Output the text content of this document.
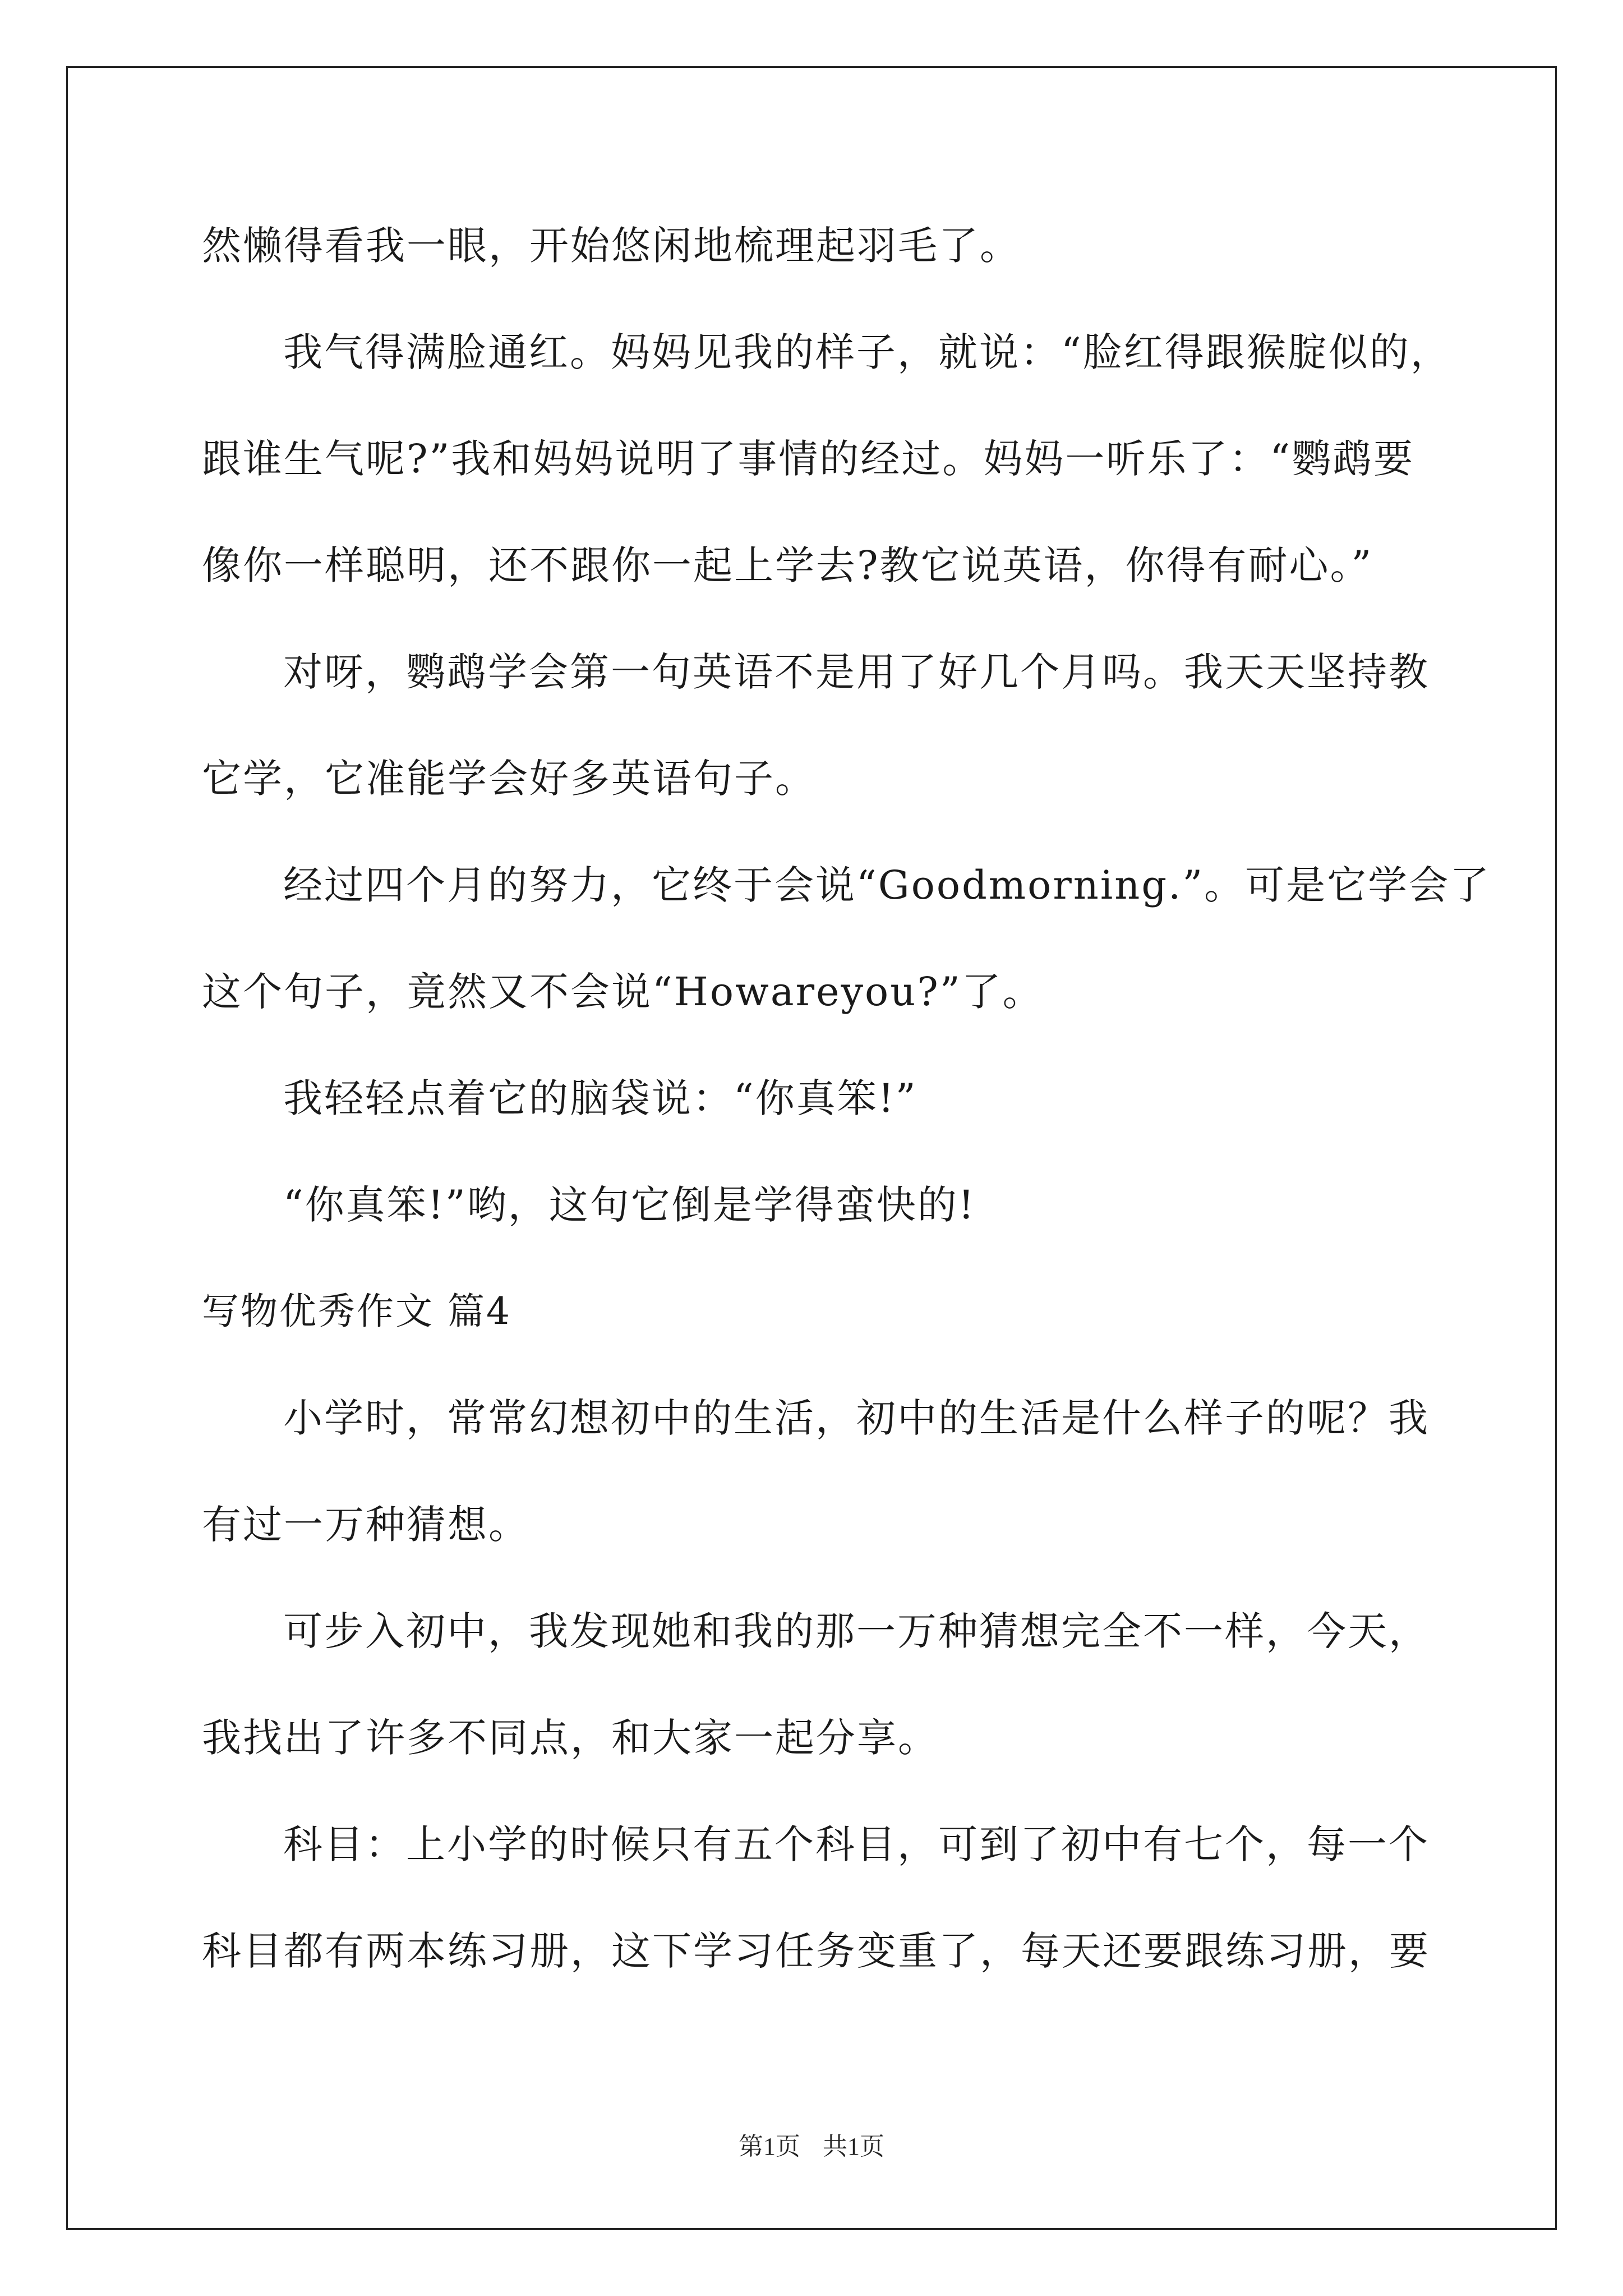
然懒得看我一眼，开始悠闲地梳理起羽毛了。
我气得满脸通红。妈妈见我的样子，就说：“脸红得跟猴腚似的，
跟谁生气呢?”我和妈妈说明了事情的经过。妈妈一听乐了：“鹦鹉要
像你一样聪明，还不跟你一起上学去?教它说英语，你得有耐心。”
对呀，鹦鹉学会第一句英语不是用了好几个月吗。我天天坚持教
它学，它准能学会好多英语句子。
经过四个月的努力，它终于会说“Goodmorning.”。可是它学会了
这个句子，竟然又不会说“Howareyou?”了。
我轻轻点着它的脑袋说：“你真笨!”
“你真笨!”哟，这句它倒是学得蛮快的!
写物优秀作文 篇4
小学时，常常幻想初中的生活，初中的生活是什么样子的呢？我
有过一万种猜想。
可步入初中，我发现她和我的那一万种猜想完全不一样，今天，
我找出了许多不同点，和大家一起分享。
科目：上小学的时候只有五个科目，可到了初中有七个，每一个
科目都有两本练习册，这下学习任务变重了，每天还要跟练习册，要
第1页 共1页
